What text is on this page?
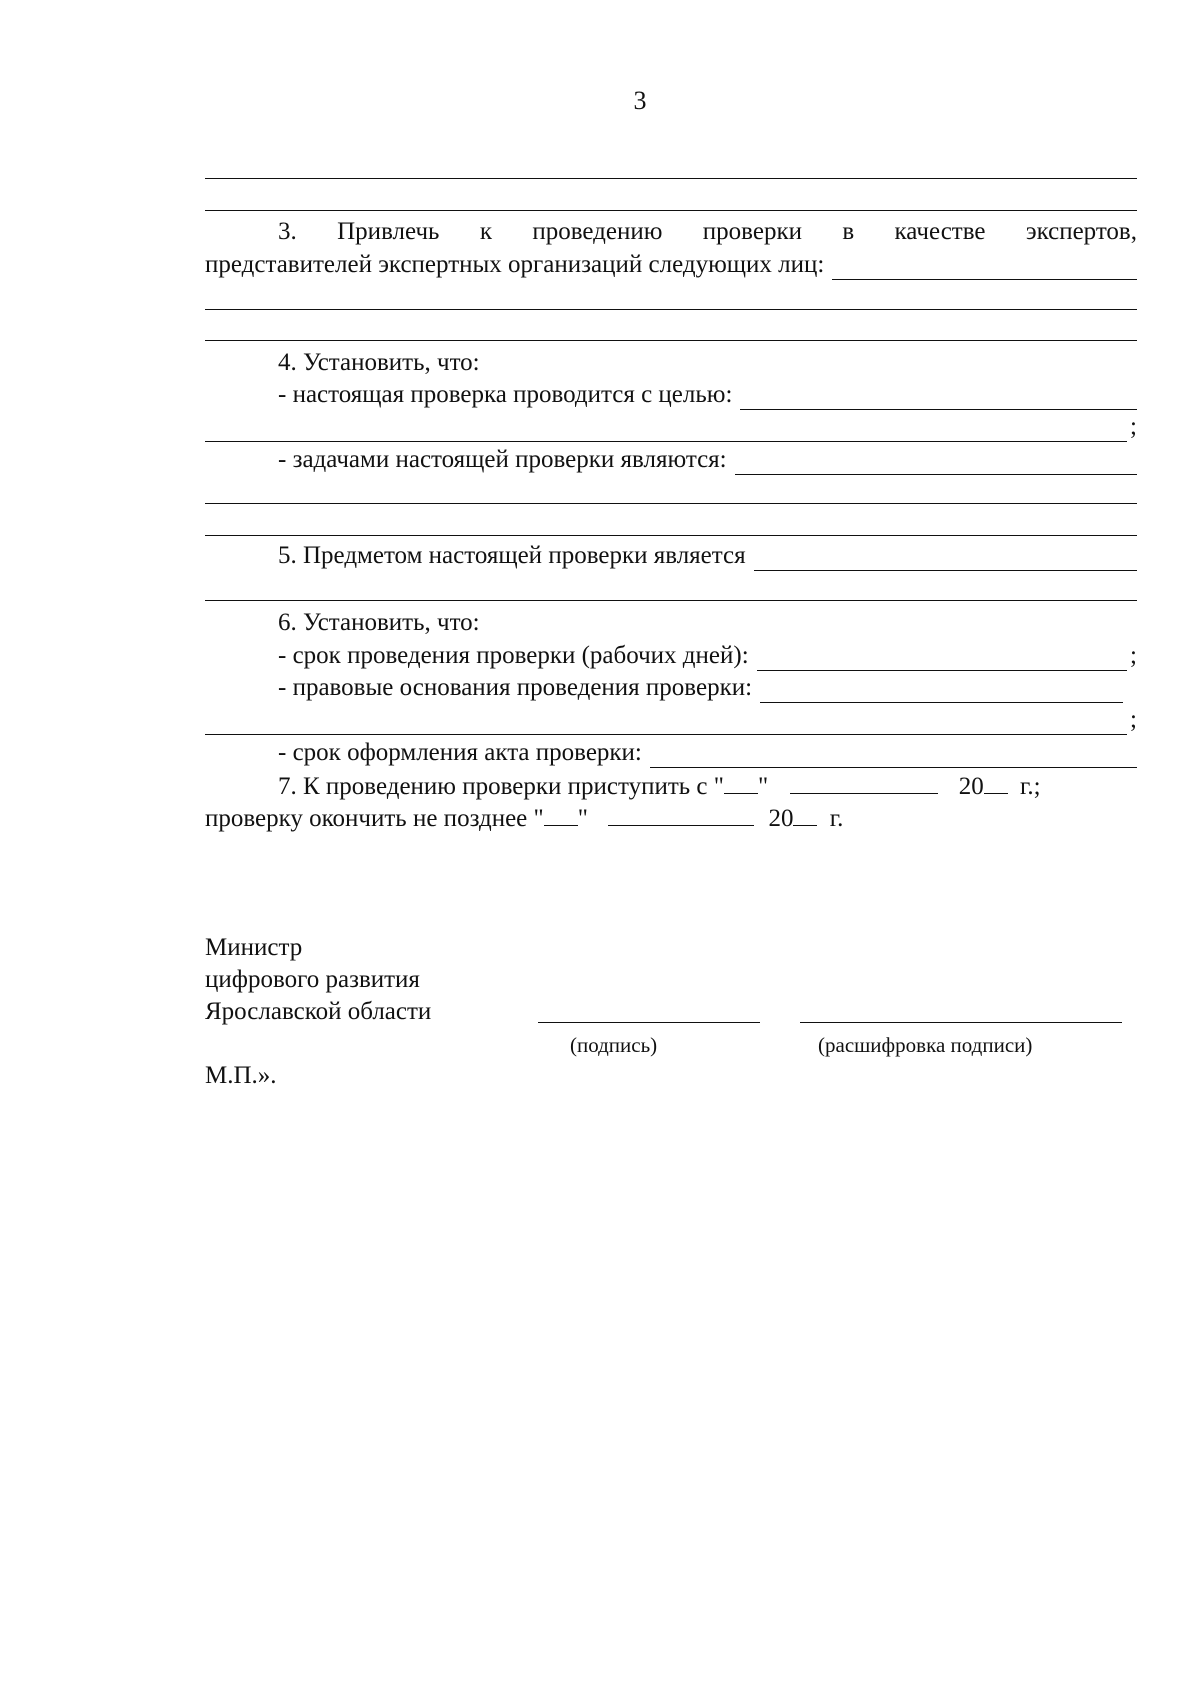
3
3. Привлечь к проведению проверки в качестве экспертов,
представителей экспертных организаций следующих лиц:
4. Установить, что:
- настоящая проверка проводится с целью:
;
- задачами настоящей проверки являются:
5. Предметом настоящей проверки является
6. Установить, что:
- срок проведения проверки (рабочих дней):	;
- правовые основания проведения проверки:
;
- срок оформления акта проверки:
7. К проведению проверки приступить с " "	20 г.;
проверку окончить не позднее " "	20 г.
Министр
цифрового развития
Ярославской области
(подпись)	(расшифровка подписи)
М.П.».
